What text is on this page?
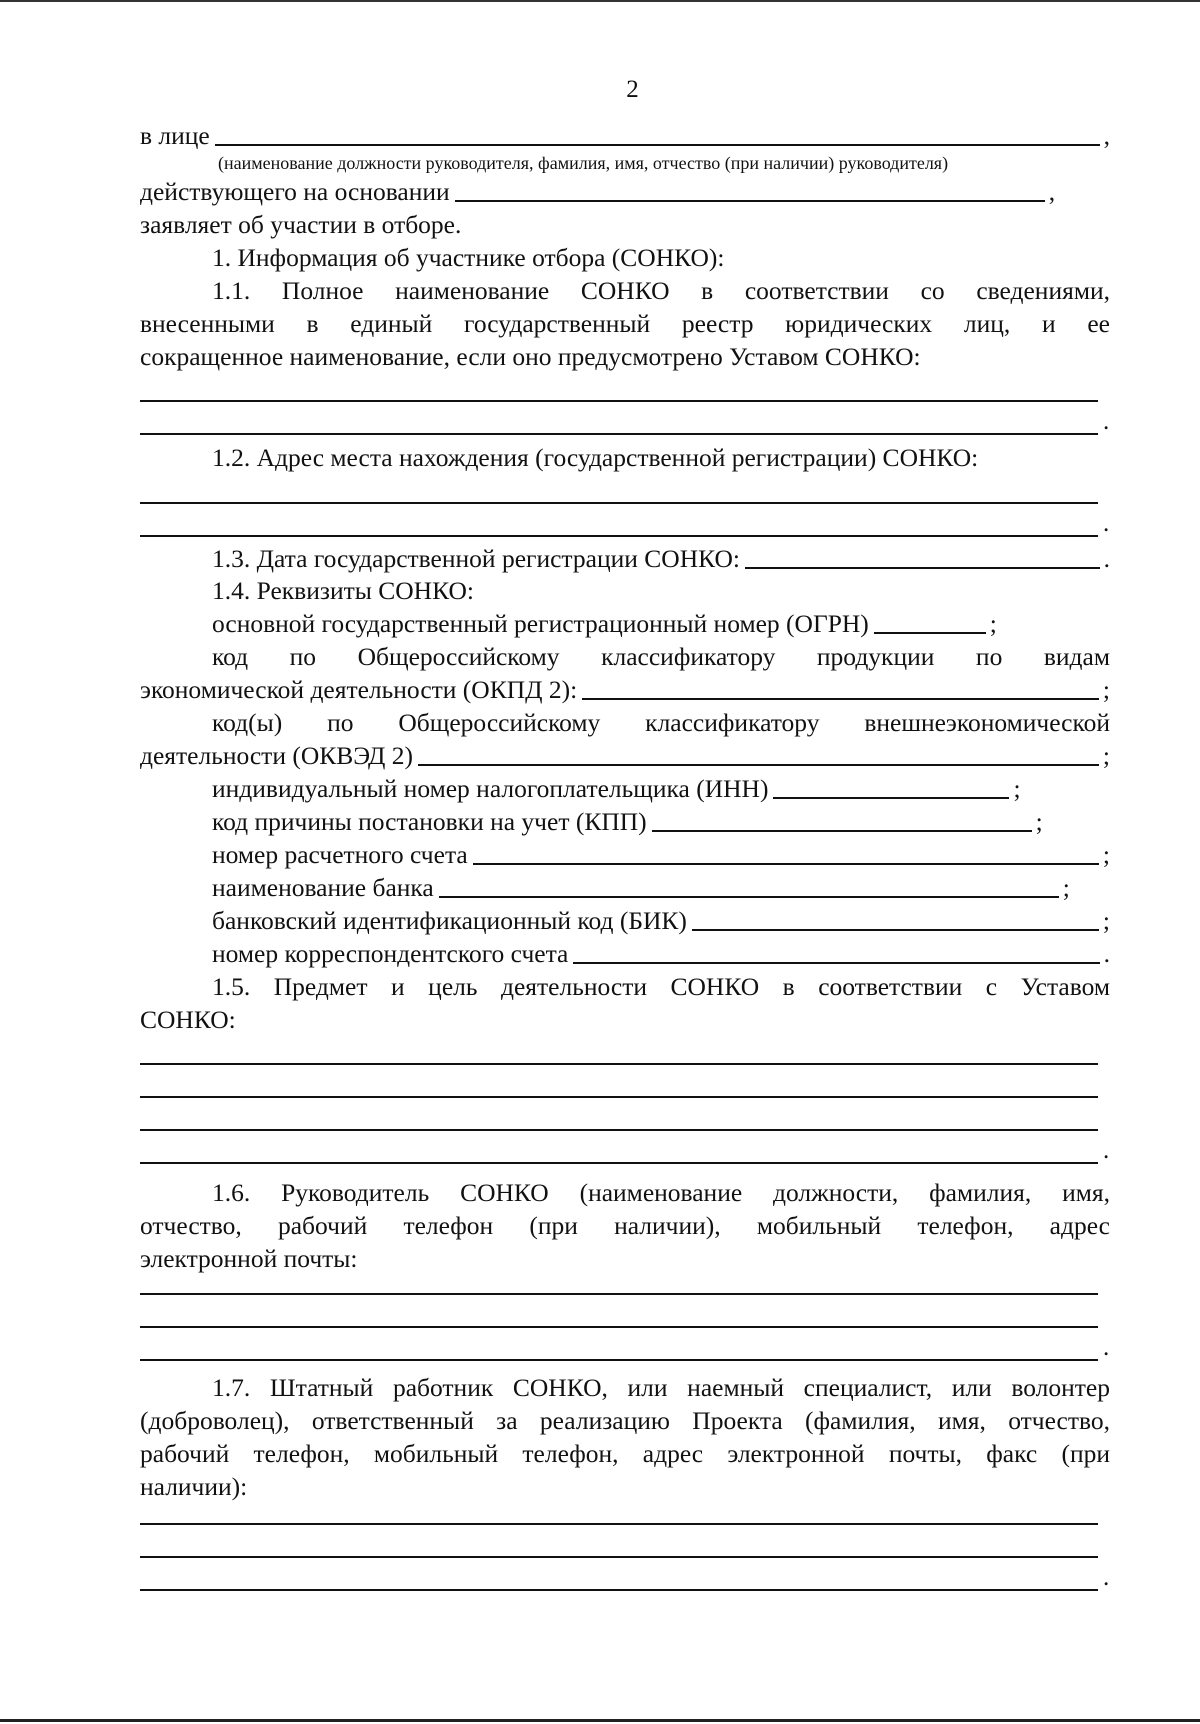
2
в лице	,
(наименование должности руководителя, фамилия, имя, отчество (при наличии) руководителя)
действующего на основании	,
заявляет об участии в отборе.
1. Информация об участнике отбора (СОНКО):
1.1. Полное наименование СОНКО в соответствии со сведениями,
внесенными в единый государственный реестр юридических лиц, и ее
сокращенное наименование, если оно предусмотрено Уставом СОНКО:
.
1.2. Адрес места нахождения (государственной регистрации) СОНКО:
.
1.3. Дата государственной регистрации СОНКО:	.
1.4. Реквизиты СОНКО:
основной государственный регистрационный номер (ОГРН)	;
код по Общероссийскому классификатору продукции по видам
экономической деятельности (ОКПД 2):	;
код(ы) по Общероссийскому классификатору внешнеэкономической
деятельности (ОКВЭД 2)	;
индивидуальный номер налогоплательщика (ИНН)	;
код причины постановки на учет (КПП)	;
номер расчетного счета	;
наименование банка	;
банковский идентификационный код (БИК)	;
номер корреспондентского счета	.
1.5. Предмет и цель деятельности СОНКО в соответствии с Уставом
СОНКО:
.
1.6. Руководитель СОНКО (наименование должности, фамилия, имя,
отчество, рабочий телефон (при наличии), мобильный телефон, адрес
электронной почты:
.
1.7. Штатный работник СОНКО, или наемный специалист, или волонтер
(доброволец), ответственный за реализацию Проекта (фамилия, имя, отчество,
рабочий телефон, мобильный телефон, адрес электронной почты, факс (при
наличии):
.
